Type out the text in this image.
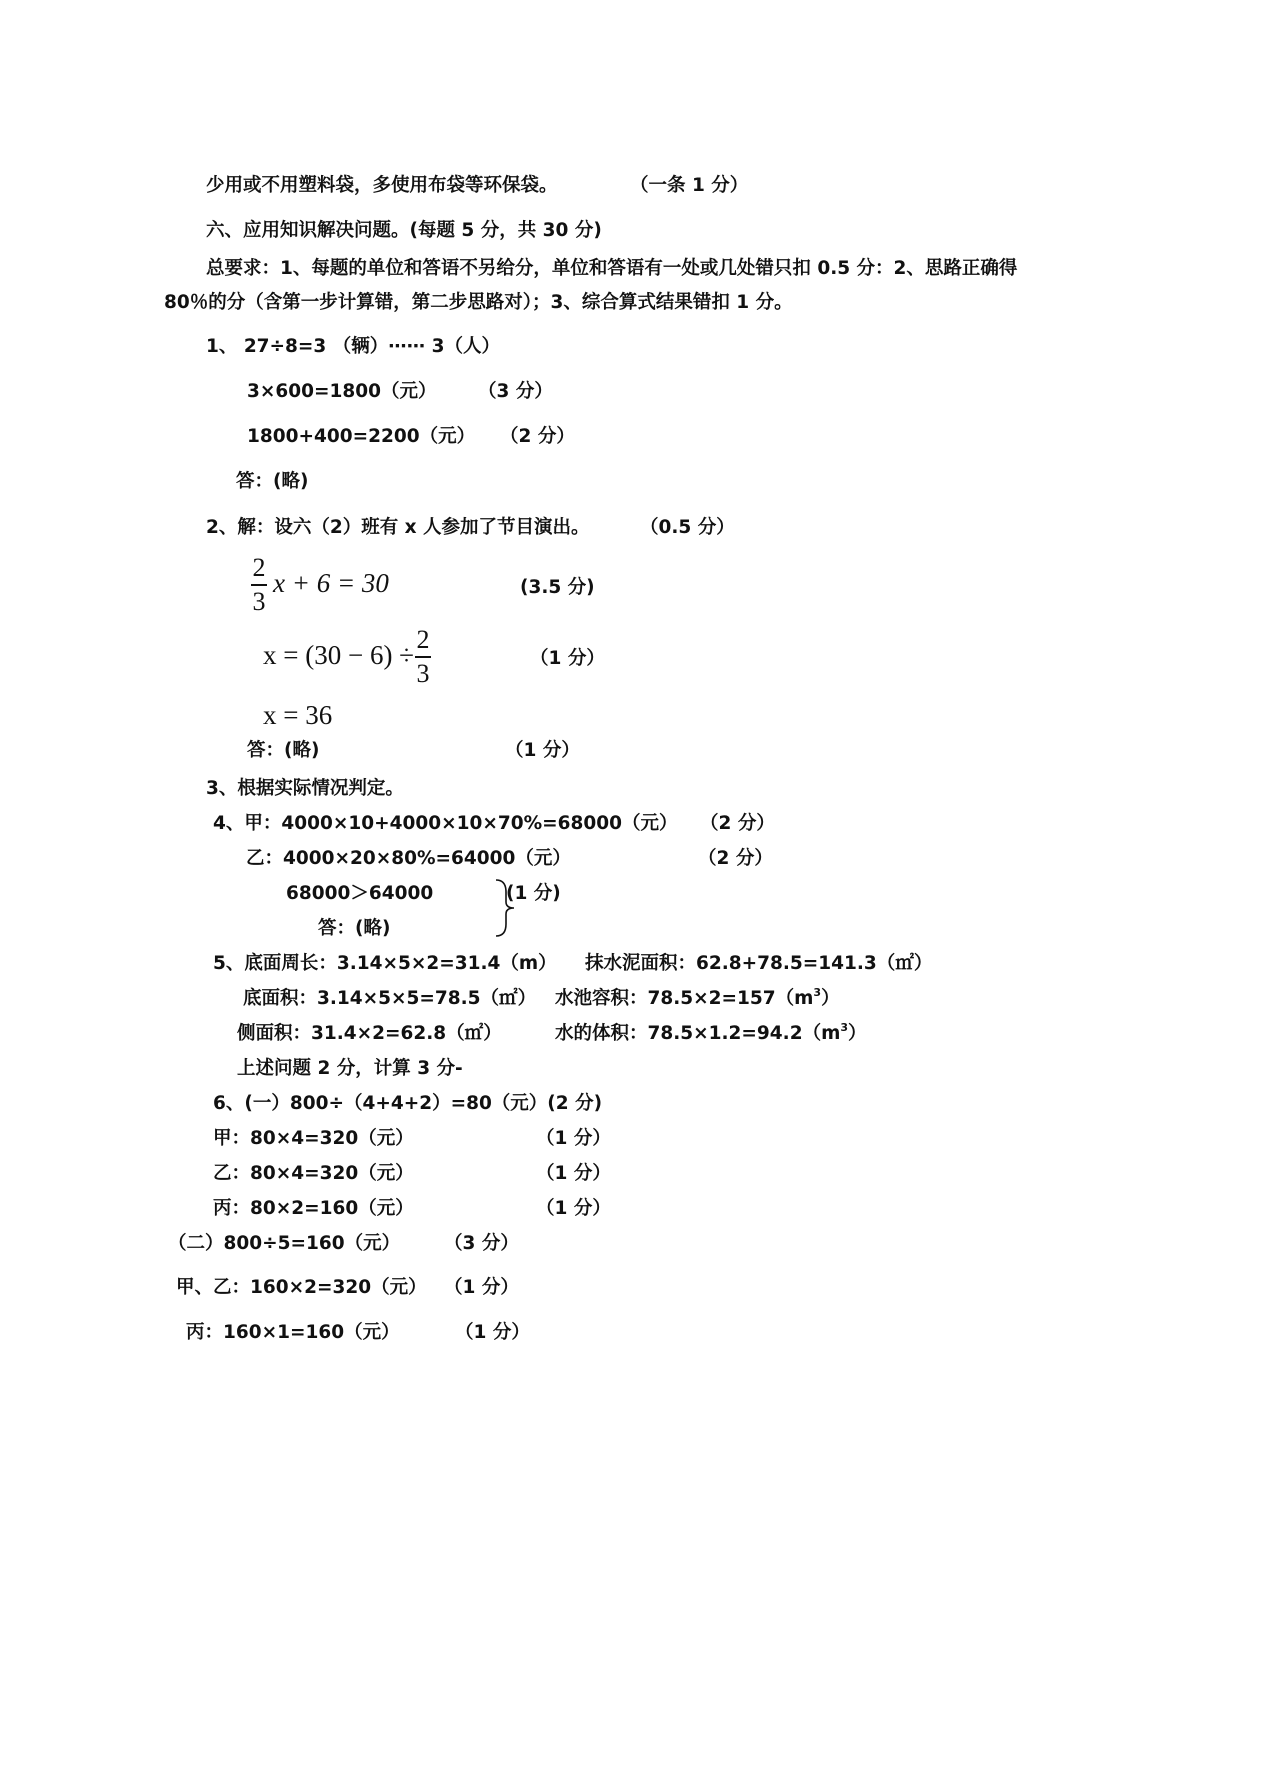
少用或不用塑料袋，多使用布袋等环保袋。	（一条 1 分）
六、应用知识解决问题。(每题 5 分，共 30 分)
总要求：1、每题的单位和答语不另给分，单位和答语有一处或几处错只扣 0.5 分：2、思路正确得
80％的分（含第一步计算错，第二步思路对）；3、综合算式结果错扣 1 分。
1、 27÷8=3 （辆）⋯⋯ 3（人）
3×600=1800（元） （3 分）
1800+400=2200（元） （2 分）
答：(略)
2、解：设六（2）班有 x 人参加了节目演出。	（0.5 分）
2
3
x + 6 = 30	(3.5 分)
x = (30 − 6) ÷
2
3
（1 分）
x = 36
答：(略)	（1 分）
3、根据实际情况判定。
4、甲：4000×10+4000×10×70%=68000（元） （2 分）
乙：4000×20×80%=64000（元）	（2 分）
68000＞64000	(1 分)
答：(略)
5、底面周长：3.14×5×2=31.4（m） 抹水泥面积：62.8+78.5=141.3（㎡）
底面积：3.14×5×5=78.5（㎡） 水池容积：$78.5\times 2=157(m^3)$
侧面积：31.4×2=62.8（㎡）	水的体积：$78.5\times 1.2=94.2(m^3)$
上述问题 2 分，计算 3 分-
6、(一）800÷（4+4+2）=80（元）(2 分)
甲：80×4=320（元）	（1 分）
乙：80×4=320（元）	（1 分）
丙：80×2=160（元）	（1 分）
（二）800÷5=160（元） （3 分）
甲、乙：160×2=320（元） （1 分）
丙：160×1=160（元）	（1 分）
